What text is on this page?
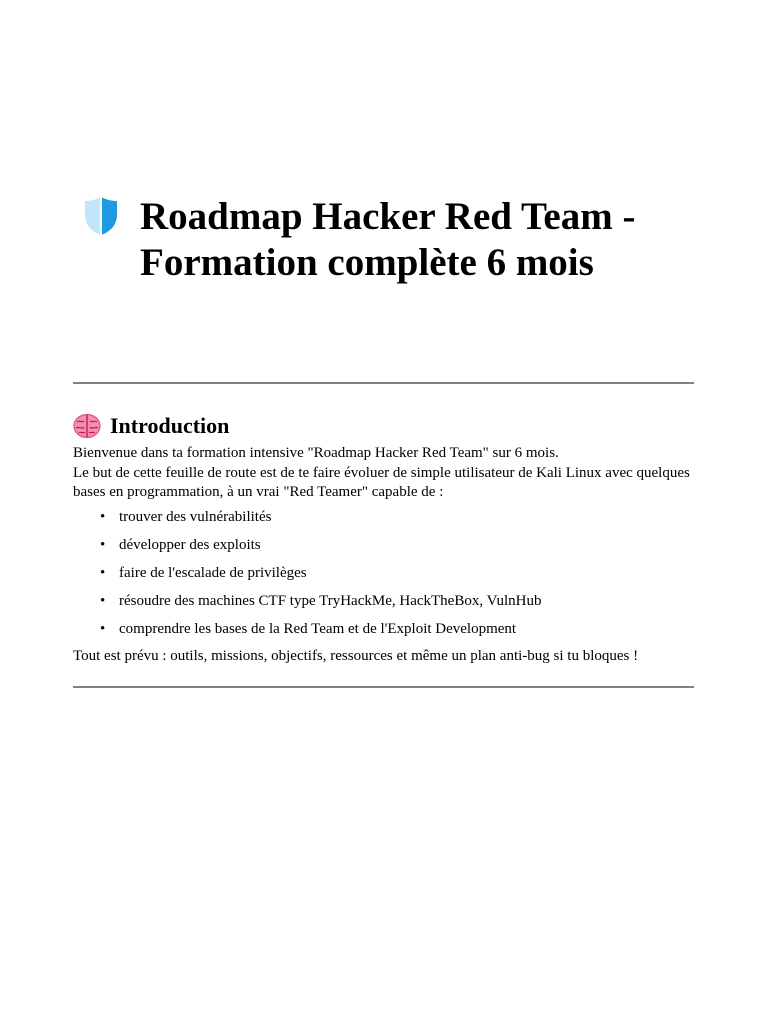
Roadmap Hacker Red Team - Formation complète 6 mois
Introduction

Bienvenue dans ta formation intensive "Roadmap Hacker Red Team" sur 6 mois.

Le but de cette feuille de route est de te faire évoluer de simple utilisateur de Kali Linux avec quelques bases en programmation, à un vrai "Red Teamer" capable de :

• trouver des vulnérabilités
• développer des exploits
• faire de l'escalade de privilèges
• résoudre des machines CTF type TryHackMe, HackTheBox, VulnHub
• comprendre les bases de la Red Team et de l'Exploit Development

Tout est prévu : outils, missions, objectifs, ressources et même un plan anti-bug si tu bloques !
